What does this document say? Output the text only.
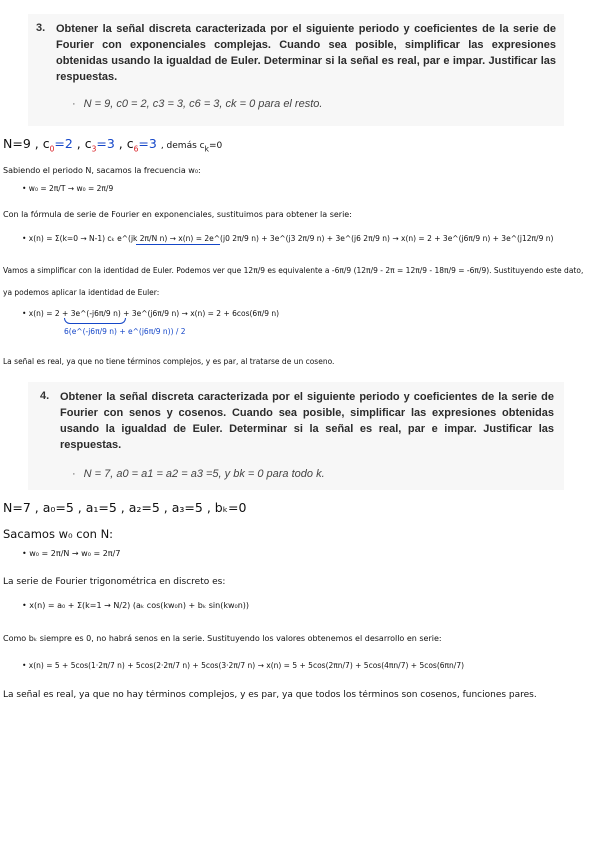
3. Obtener la señal discreta caracterizada por el siguiente periodo y coeficientes de la serie de Fourier con exponenciales complejas. Cuando sea posible, simplificar las expresiones obtenidas usando la igualdad de Euler. Determinar si la señal es real, par e impar. Justificar las respuestas.
· N = 9, c0 = 2, c3 = 3, c6 = 3, ck = 0 para el resto.
N=9 , $c_0=2$ , $c_3=3$ , $c_6=3$ , demás $c_k=0$
Sabiendo el periodo N, sacamos la frecuencia w₀:
• w₀ = 2π/T → w₀ = 2π/9
Con la fórmula de serie de Fourier en exponenciales, sustituimos para obtener la serie:
• x(n) = Σ(k=0 → N-1) cₖ e^(jk 2π/N n) → x(n) = 2e^(j0 2π/9 n) + 3e^(j3 2π/9 n) + 3e^(j6 2π/9 n) → x(n) = 2 + 3e^(j6π/9 n) + 3e^(j12π/9 n)
Vamos a simplificar con la identidad de Euler. Podemos ver que 12π/9 es equivalente a -6π/9 (12π/9 - 2π = 12π/9 - 18π/9 = -6π/9). Sustituyendo este dato,
ya podemos aplicar la identidad de Euler:
• x(n) = 2 + 3e^(-j6π/9 n) + 3e^(j6π/9 n) → x(n) = 2 + 6cos(6π/9 n)
6(e^(-j6π/9 n) + e^(j6π/9 n)) / 2
La señal es real, ya que no tiene términos complejos, y es par, al tratarse de un coseno.
4. Obtener la señal discreta caracterizada por el siguiente periodo y coeficientes de la serie de Fourier con senos y cosenos. Cuando sea posible, simplificar las expresiones obtenidas usando la igualdad de Euler. Determinar si la señal es real, par e impar. Justificar las respuestas.
· N = 7, a0 = a1 = a2 = a3 =5, y bk = 0 para todo k.
N=7 , a₀=5 , a₁=5 , a₂=5 , a₃=5 , bₖ=0
Sacamos w₀ con N:
• w₀ = 2π/N → w₀ = 2π/7
La serie de Fourier trigonométrica en discreto es:
• x(n) = a₀ + Σ(k=1 → N/2) (aₖ cos(kw₀n) + bₖ sin(kw₀n))
Como bₖ siempre es 0, no habrá senos en la serie. Sustituyendo los valores obtenemos el desarrollo en serie:
• x(n) = 5 + 5cos(1·2π/7 n) + 5cos(2·2π/7 n) + 5cos(3·2π/7 n) → x(n) = 5 + 5cos(2πn/7) + 5cos(4πn/7) + 5cos(6πn/7)
La señal es real, ya que no hay términos complejos, y es par, ya que todos los términos son cosenos, funciones pares.
